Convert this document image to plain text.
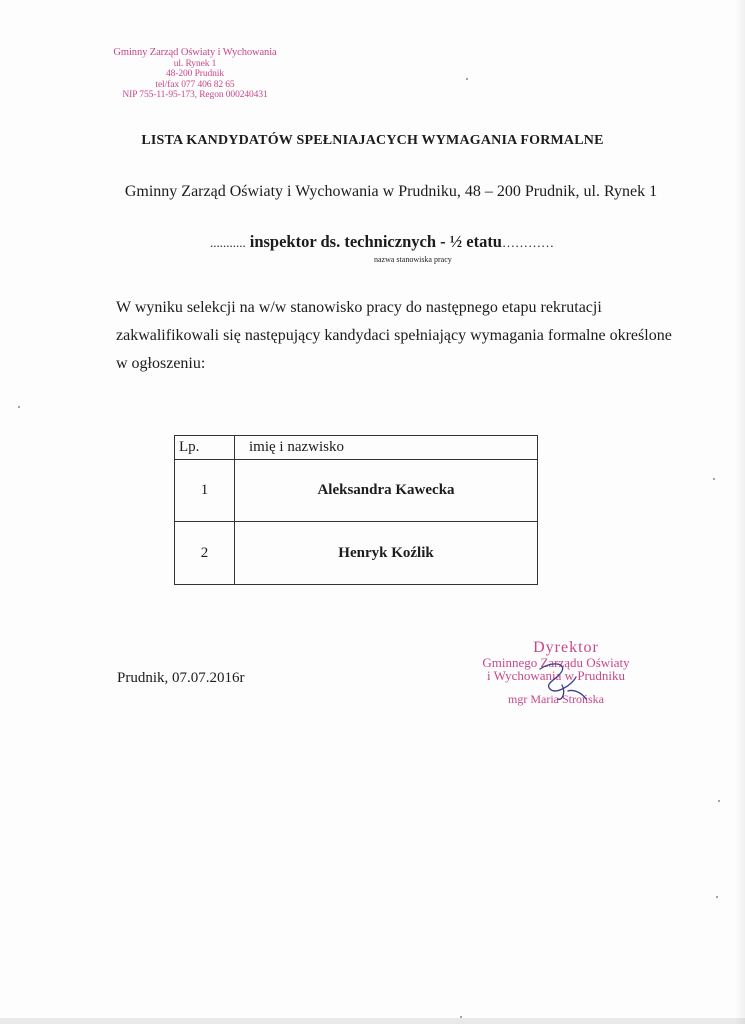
Gminny Zarząd Oświaty i Wychowania
ul. Rynek 1
48-200 Prudnik
tel/fax 077 406 82 65
NIP 755-11-95-173, Regon 000240431
LISTA KANDYDATÓW SPEŁNIAJACYCH WYMAGANIA FORMALNE
Gminny Zarząd Oświaty i Wychowania w Prudniku, 48 – 200 Prudnik, ul. Rynek 1
........... inspektor ds. technicznych - ½ etatu…………
nazwa stanowiska pracy
W wyniku selekcji na w/w stanowisko pracy do następnego etapu rekrutacji
zakwalifikowali się następujący kandydaci spełniający wymagania formalne określone
w ogłoszeniu:
Lp.	imię i nazwisko
1	Aleksandra Kawecka
2	Henryk Koźlik
Prudnik, 07.07.2016r
Dyrektor
Gminnego Zarządu Oświaty
i Wychowania w Prudniku
mgr Maria Strońska
